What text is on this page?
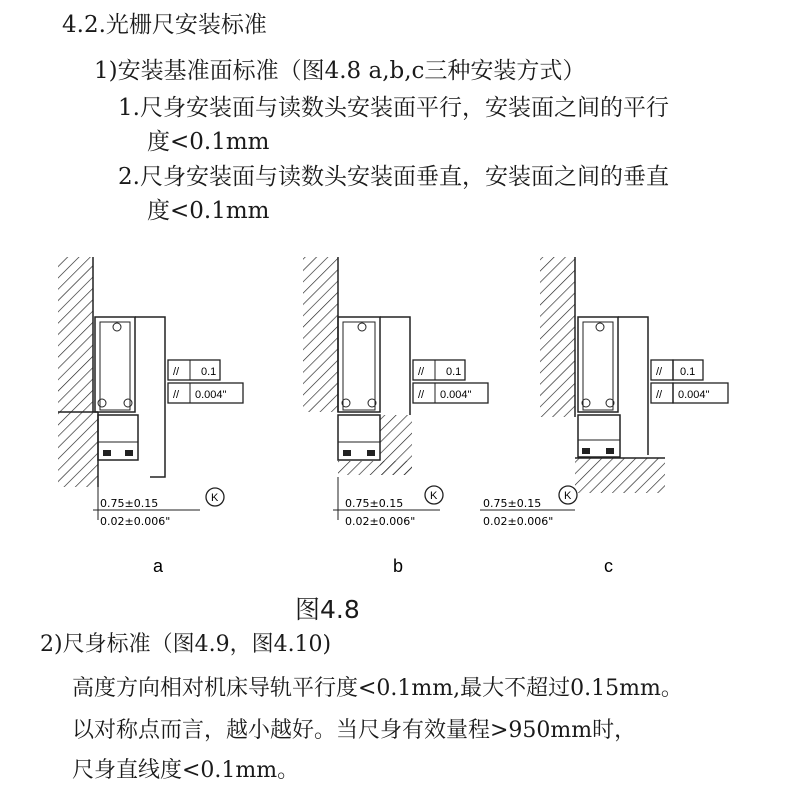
4.2.光栅尺安装标准
1)安装基准面标准（图4.8 a,b,c三种安装方式）
1.尺身安装面与读数头安装面平行，安装面之间的平行
度<0.1mm
2.尺身安装面与读数头安装面垂直，安装面之间的垂直
度<0.1mm
//
//
//
//
//
//
0.1
0.004"
0.75±0.15
0.02±0.006"
K
a
0.1
0.004"
0.75±0.15
0.02±0.006"
K
b
0.1
0.004"
0.75±0.15
0.02±0.006"
K
c
图4.8
2)尺身标准（图4.9，图4.10)
高度方向相对机床导轨平行度<0.1mm,最大不超过0.15mm。
以对称点而言，越小越好。当尺身有效量程>950mm时，
尺身直线度<0.1mm。
